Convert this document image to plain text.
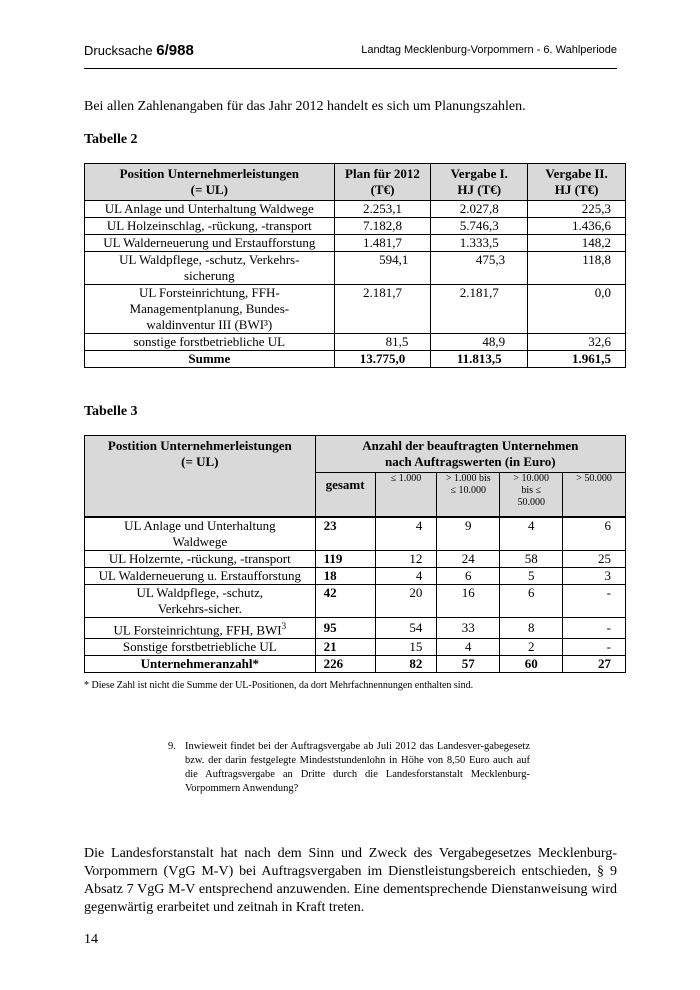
Drucksache 6/988	Landtag Mecklenburg-Vorpommern - 6. Wahlperiode
Bei allen Zahlenangaben für das Jahr 2012 handelt es sich um Planungszahlen.
Tabelle 2
Position Unternehmerleistungen (= UL)	Plan für 2012 (T€)	Vergabe I. HJ (T€)	Vergabe II. HJ (T€)
UL Anlage und Unterhaltung Waldwege	2.253,1	2.027,8	225,3
UL Holzeinschlag, -rückung, -transport	7.182,8	5.746,3	1.436,6
UL Walderneuerung und Erstaufforstung	1.481,7	1.333,5	148,2
UL Waldpflege, -schutz, Verkehrs-sicherung	594,1	475,3	118,8
UL Forsteinrichtung, FFH-Managementplanung, Bundes-waldinventur III (BWI³)	2.181,7	2.181,7	0,0
sonstige forstbetriebliche UL	81,5	48,9	32,6
Summe	13.775,0	11.813,5	1.961,5
Tabelle 3
Postition Unternehmerleistungen (= UL)	Anzahl der beauftragten Unternehmen nach Auftragswerten (in Euro)				
	gesamt	≤ 1.000	> 1.000 bis ≤ 10.000	> 10.000 bis ≤ 50.000	> 50.000
UL Anlage und Unterhaltung Waldwege	23	4	9	4	6
UL Holzernte, -rückung, -transport	119	12	24	58	25
UL Walderneuerung u. Erstaufforstung	18	4	6	5	3
UL Waldpflege, -schutz, Verkehrs-sicher.	42	20	16	6	-
UL Forsteinrichtung, FFH, BWI$^3$	95	54	33	8	-
Sonstige forstbetriebliche UL	21	15	4	2	-
Unternehmeranzahl*	226	82	57	60	27
* Diese Zahl ist nicht die Summe der UL-Positionen, da dort Mehrfachnennungen enthalten sind.
9. Inwieweit findet bei der Auftragsvergabe ab Juli 2012 das Landesver-gabegesetz bzw. der darin festgelegte Mindeststundenlohn in Höhe von 8,50 Euro auch auf die Auftragsvergabe an Dritte durch die Landesforstanstalt Mecklenburg-Vorpommern Anwendung?
Die Landesforstanstalt hat nach dem Sinn und Zweck des Vergabegesetzes Mecklenburg-Vorpommern (VgG M-V) bei Auftragsvergaben im Dienstleistungsbereich entschieden, § 9 Absatz 7 VgG M-V entsprechend anzuwenden. Eine dementsprechende Dienstanweisung wird gegenwärtig erarbeitet und zeitnah in Kraft treten.
14
